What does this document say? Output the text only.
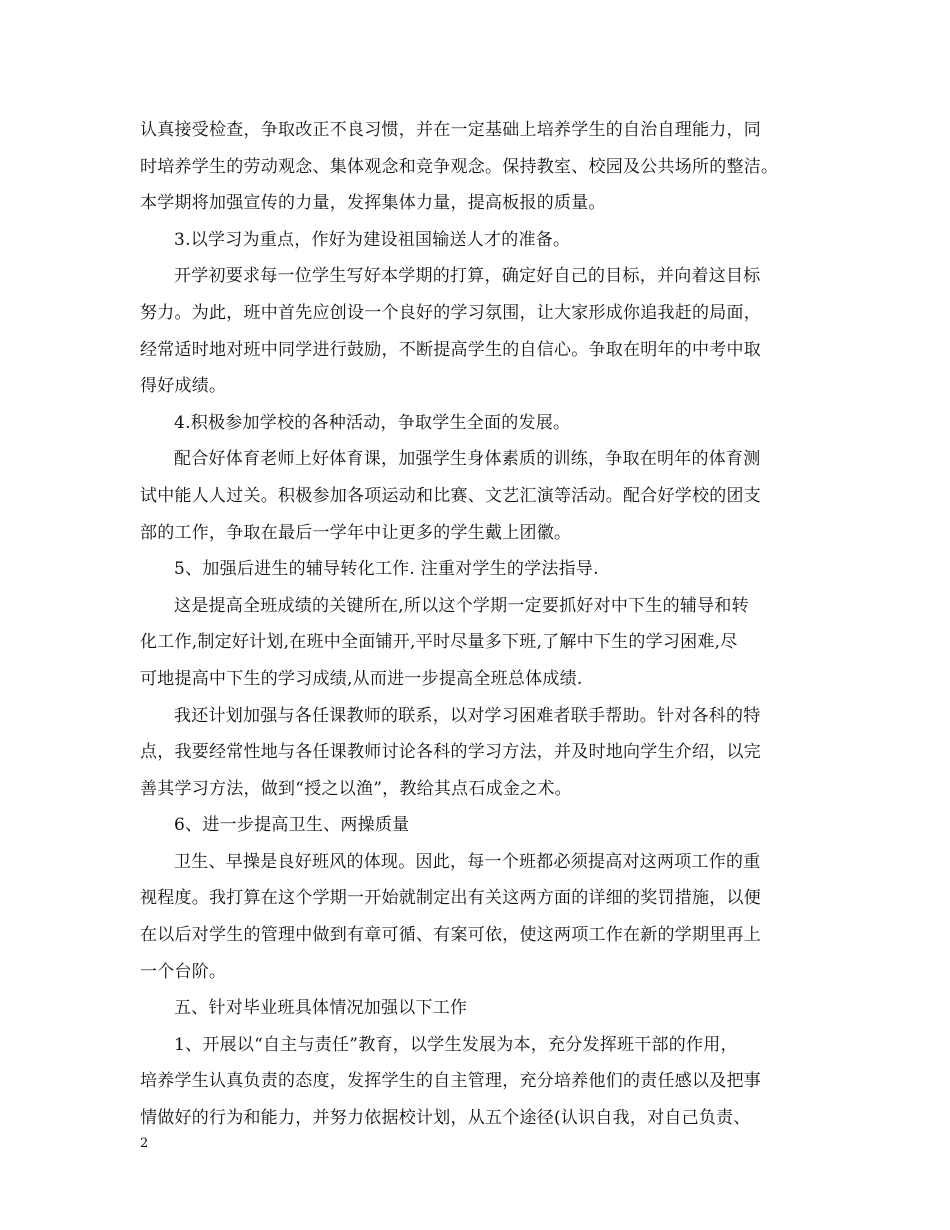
认真接受检查，争取改正不良习惯，并在一定基础上培养学生的自治自理能力，同
时培养学生的劳动观念、集体观念和竞争观念。保持教室、校园及公共场所的整洁。
本学期将加强宣传的力量，发挥集体力量，提高板报的质量。
3.以学习为重点，作好为建设祖国输送人才的准备。
开学初要求每一位学生写好本学期的打算，确定好自己的目标，并向着这目标
努力。为此，班中首先应创设一个良好的学习氛围，让大家形成你追我赶的局面，
经常适时地对班中同学进行鼓励，不断提高学生的自信心。争取在明年的中考中取
得好成绩。
4.积极参加学校的各种活动，争取学生全面的发展。
配合好体育老师上好体育课，加强学生身体素质的训练，争取在明年的体育测
试中能人人过关。积极参加各项运动和比赛、文艺汇演等活动。配合好学校的团支
部的工作，争取在最后一学年中让更多的学生戴上团徽。
5、加强后进生的辅导转化工作. 注重对学生的学法指导.
这是提高全班成绩的关键所在,所以这个学期一定要抓好对中下生的辅导和转
化工作,制定好计划,在班中全面铺开,平时尽量多下班,了解中下生的学习困难,尽
可地提高中下生的学习成绩,从而进一步提高全班总体成绩.
我还计划加强与各任课教师的联系，以对学习困难者联手帮助。针对各科的特
点，我要经常性地与各任课教师讨论各科的学习方法，并及时地向学生介绍，以完
善其学习方法，做到“授之以渔”，教给其点石成金之术。
6、进一步提高卫生、两操质量
卫生、早操是良好班风的体现。因此，每一个班都必须提高对这两项工作的重
视程度。我打算在这个学期一开始就制定出有关这两方面的详细的奖罚措施，以便
在以后对学生的管理中做到有章可循、有案可依，使这两项工作在新的学期里再上
一个台阶。
五、针对毕业班具体情况加强以下工作
1、开展以“自主与责任”教育，以学生发展为本，充分发挥班干部的作用，
培养学生认真负责的态度，发挥学生的自主管理，充分培养他们的责任感以及把事
情做好的行为和能力，并努力依据校计划，从五个途径(认识自我，对自己负责、
2
